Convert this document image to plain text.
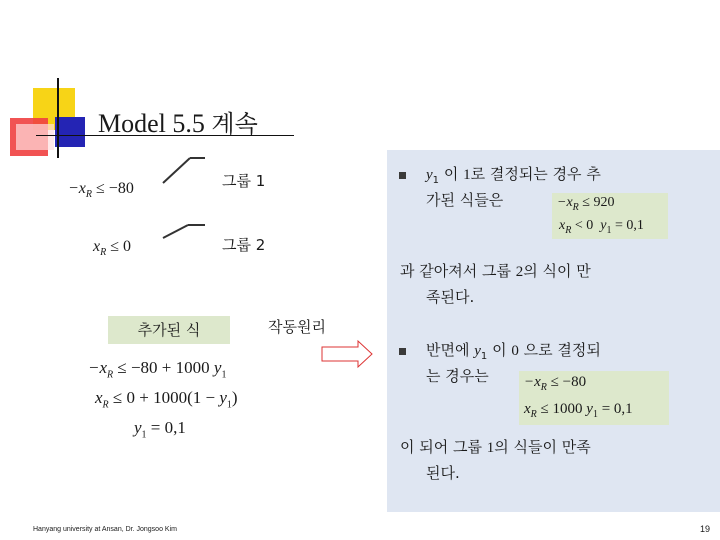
Model 5.5 계속
$-x_R \le -80$
$x_R \le 0$
그룹 1
그룹 2
추가된 식	작동원리
$-x_R \le -80 + 1000$ $y_1$
$x_R \le 0 + 1000(1 - y_1)$
$y_1 = 0,1$
$y_1$ 이 1로 결정되는 경우 추
가된 식들은	$-x_R \le 920$
$x_R < 0$ $y_1 = 0,1$
과 같아져서 그룹 2의 식이 만
족된다.
반면에 $y_1$ 이 0 으로 결정되
는 경우는 $-x_R \le -80$
$x_R \le 1000$ $y_1 = 0,1$
이 되어 그룹 1의 식들이 만족
된다.
Hanyang university at Ansan, Dr. Jongsoo Kim	19
